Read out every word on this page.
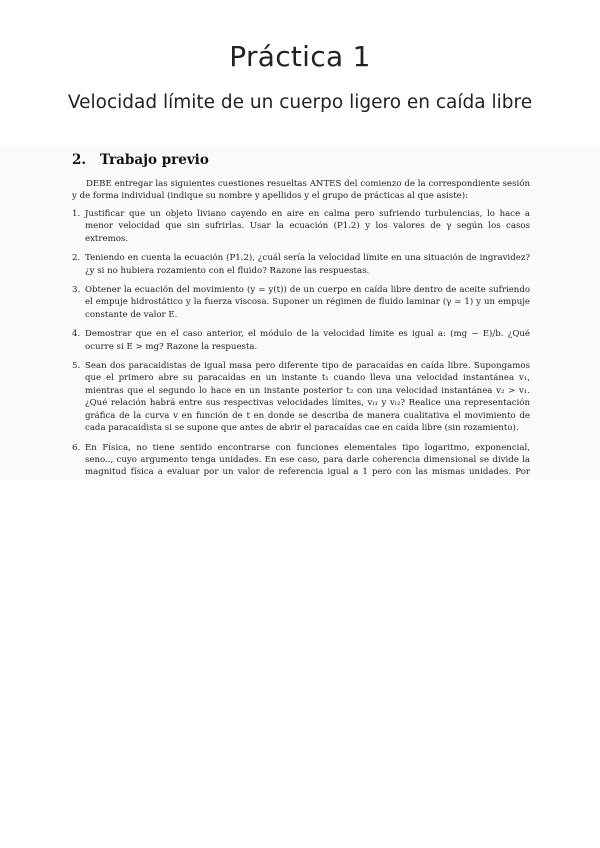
Práctica 1
Velocidad límite de un cuerpo ligero en caída libre
2. Trabajo previo

DEBE entregar las siguientes cuestiones resueltas ANTES del comienzo de la correspondiente sesión y de forma individual (indique su nombre y apellidos y el grupo de prácticas al que asiste):

1. Justificar que un objeto liviano cayendo en aire en calma pero sufriendo turbulencias, lo hace a menor velocidad que sin sufrirlas. Usar la ecuación (P1.2) y los valores de γ según los casos extremos.
2. Teniendo en cuenta la ecuación (P1.2), ¿cuál sería la velocidad límite en una situación de ingravidez? ¿y si no hubiera rozamiento con el fluido? Razone las respuestas.
3. Obtener la ecuación del movimiento (y = y(t)) de un cuerpo en caída libre dentro de aceite sufriendo el empuje hidrostático y la fuerza viscosa. Suponer un régimen de fluido laminar (γ = 1) y un empuje constante de valor E.
4. Demostrar que en el caso anterior, el módulo de la velocidad límite es igual a: (mg − E)/b. ¿Qué ocurre si E > mg? Razone la respuesta.
5. Sean dos paracaidistas de igual masa pero diferente tipo de paracaídas en caída libre. Supongamos que el primero abre su paracaídas en un instante t₁ cuando lleva una velocidad instantánea v₁, mientras que el segundo lo hace en un instante posterior t₂ con una velocidad instantánea v₂ > v₁. ¿Qué relación habrá entre sus respectivas velocidades límites, vₗ₁ y vₗ₂? Realice una representación gráfica de la curva v en función de t en donde se describa de manera cualitativa el movimiento de cada paracaidista si se supone que antes de abrir el paracaídas cae en caída libre (sin rozamiento).
6. En Física, no tiene sentido encontrarse con funciones elementales tipo logaritmo, exponencial, seno.., cuyo argumento tenga unidades. En ese caso, para darle coherencia dimensional se divide la magnitud física a evaluar por un valor de referencia igual a 1 pero con las mismas unidades. Por
